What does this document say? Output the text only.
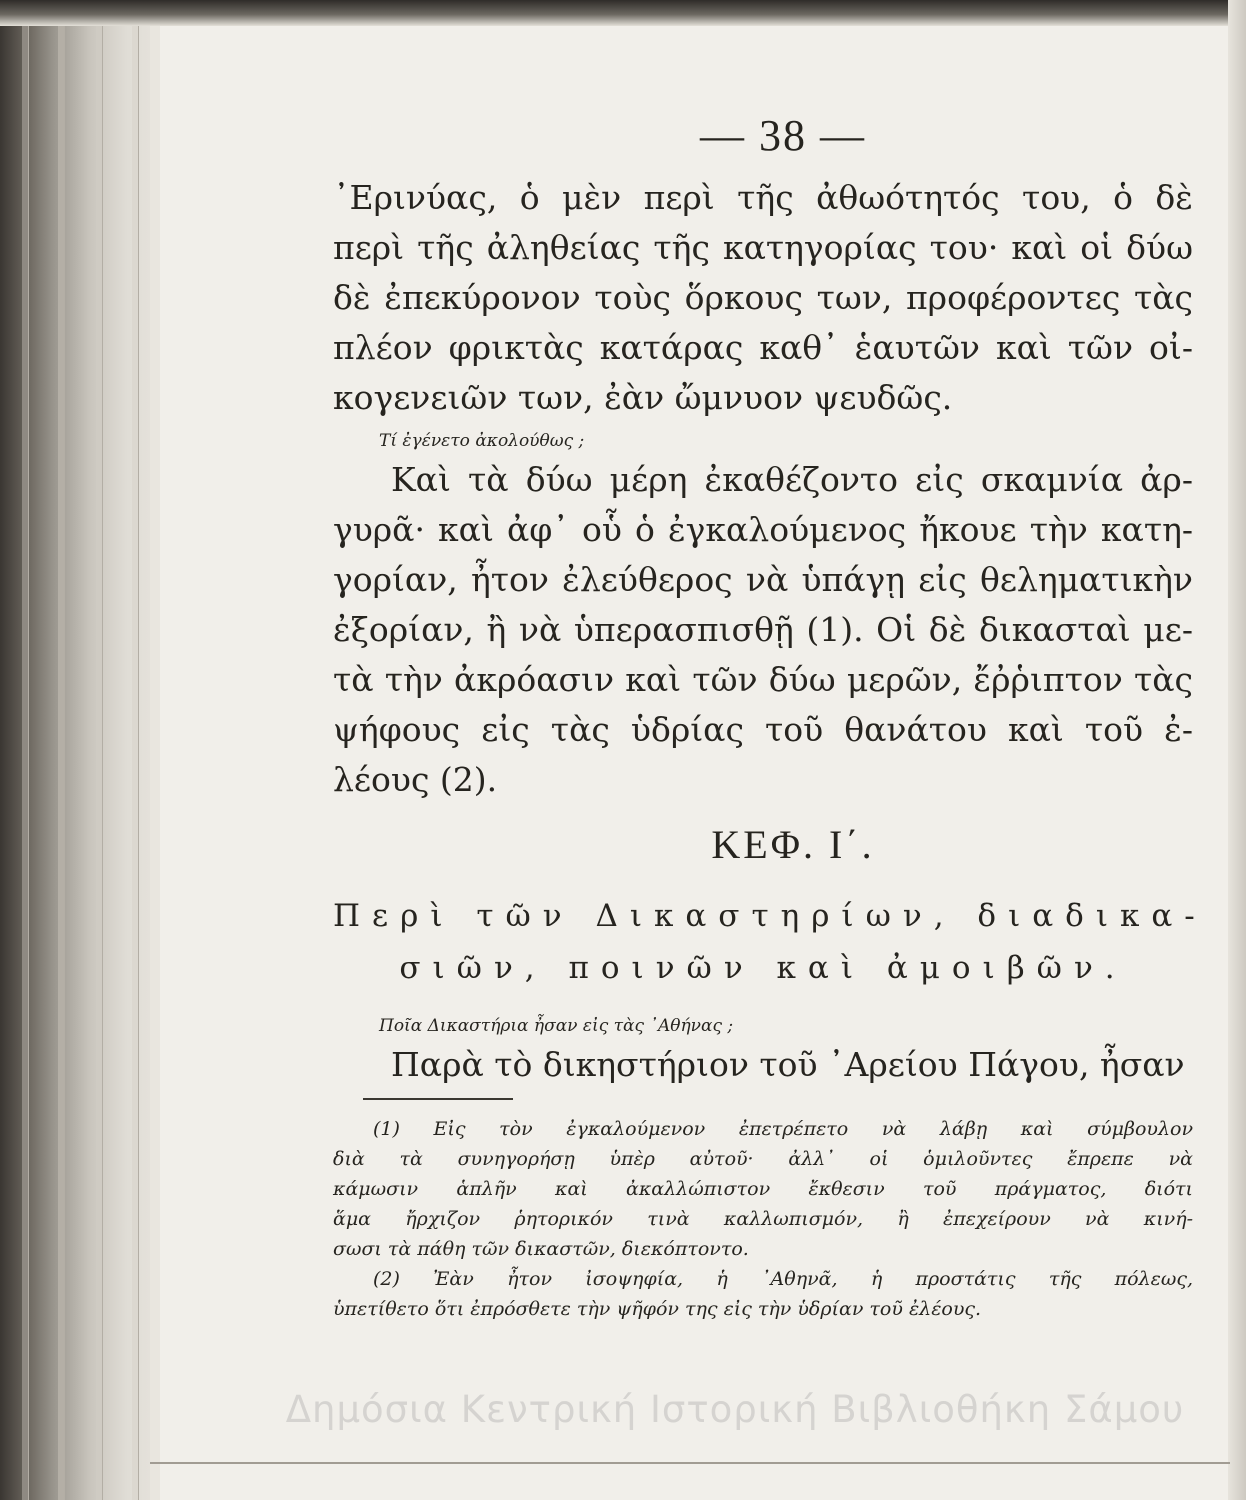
— 38 —

᾿Ερινύας, ὁ μὲν περὶ τῆς ἀθωότητός του, ὁ δὲ

περὶ τῆς ἀληθείας τῆς κατηγορίας του· καὶ οἱ δύω

δὲ ἐπεκύρονον τοὺς ὅρκους των, προφέροντες τὰς

πλέον φρικτὰς κατάρας καθ᾿ ἑαυτῶν καὶ τῶν οἰ-

κογενειῶν των, ἐὰν ὤμνυον ψευδῶς.

Τί ἐγένετο ἀκολούθως ;

Καὶ τὰ δύω μέρη ἐκαθέζοντο εἰς σκαμνία ἀρ-

γυρᾶ· καὶ ἀφ᾿ οὗ ὁ ἐγκαλούμενος ἤκουε τὴν κατη-

γορίαν, ἦτον ἐλεύθερος νὰ ὑπάγῃ εἰς θεληματικὴν

ἐξορίαν, ἢ νὰ ὑπερασπισθῇ (1). Οἱ δὲ δικασταὶ με-

τὰ τὴν ἀκρόασιν καὶ τῶν δύω μερῶν, ἔῤῥιπτον τὰς

ψήφους εἰς τὰς ὑδρίας τοῦ θανάτου καὶ τοῦ ἐ-

λέους (2).

ΚΕΦ. Ι΄.
Περὶ τῶν Δικαστηρίων, διαδικα-
σιῶν, ποινῶν καὶ ἀμοιβῶν.

Ποῖα Δικαστήρια ἦσαν εἰς τὰς ᾿Αθήνας ;

Παρὰ τὸ δικηστήριον τοῦ ᾿Αρείου Πάγου, ἦσαν

(1) Εἰς τὸν ἐγκαλούμενον ἐπετρέπετο νὰ λάβῃ καὶ σύμβουλον

διὰ τὰ συνηγορήσῃ ὑπὲρ αὐτοῦ· ἀλλ᾿ οἱ ὁμιλοῦντες ἔπρεπε νὰ

κάμωσιν ἁπλῆν καὶ ἀκαλλώπιστον ἔκθεσιν τοῦ πράγματος, διότι

ἅμα ἤρχιζον ῥητορικόν τινὰ καλλωπισμόν, ἢ ἐπεχείρουν νὰ κινή-

σωσι τὰ πάθη τῶν δικαστῶν, διεκόπτοντο.

(2) Ἐὰν ἦτον ἰσοψηφία, ἡ ᾿Αθηνᾶ, ἡ προστάτις τῆς πόλεως,

ὑπετίθετο ὅτι ἐπρόσθετε τὴν ψῆφόν της εἰς τὴν ὑδρίαν τοῦ ἐλέους.

Δημόσια Κεντρική Ιστορική Βιβλιοθήκη Σάμου
